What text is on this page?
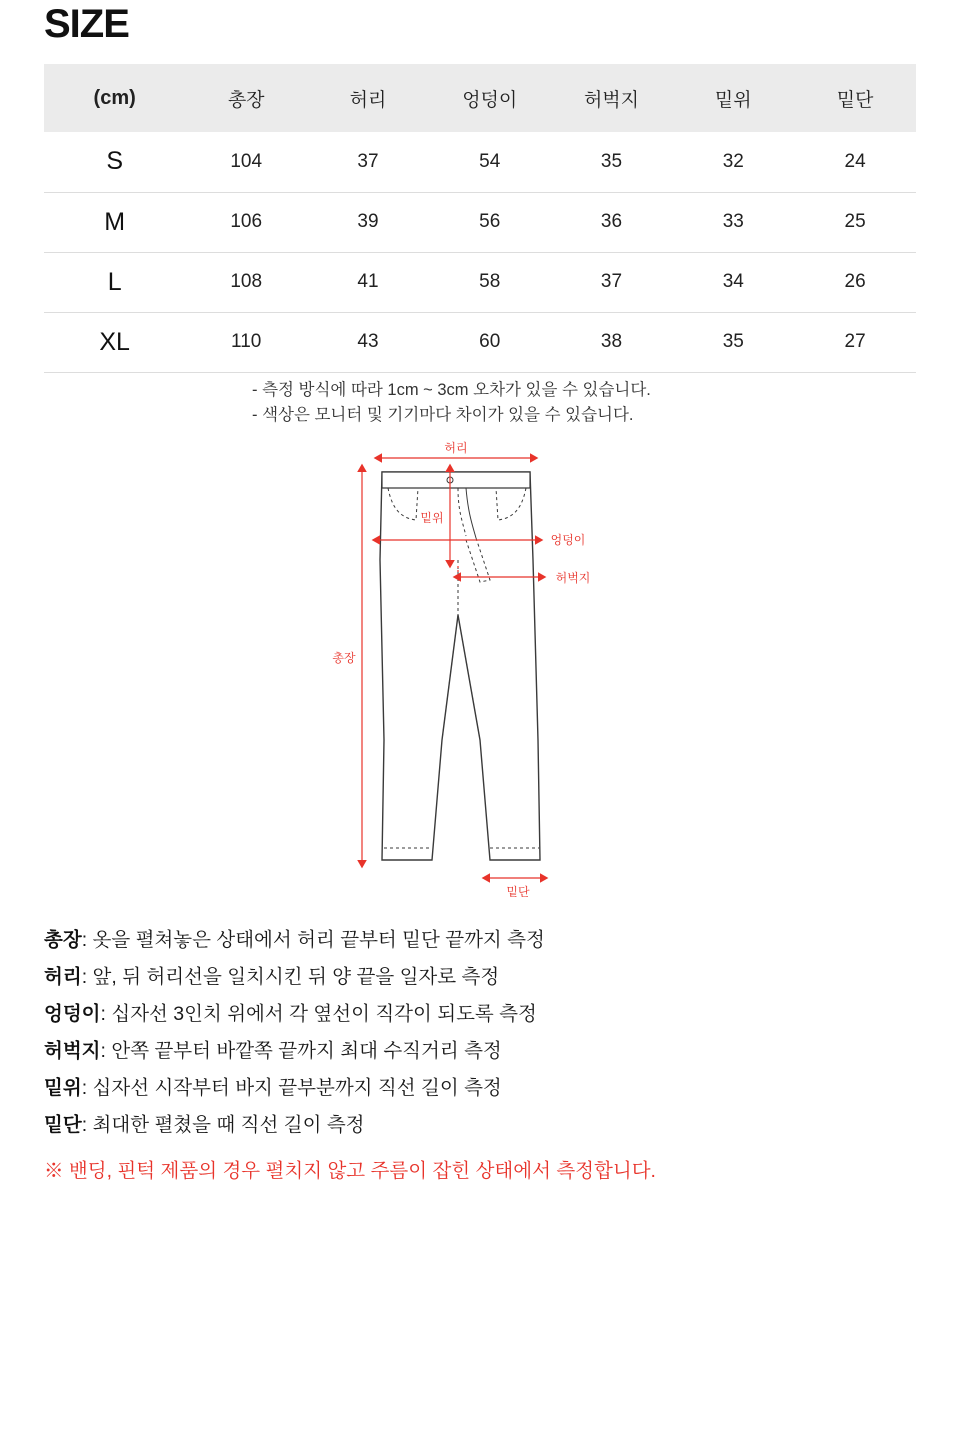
SIZE
(cm)	총장	허리	엉덩이	허벅지	밑위	밑단
S	104	37	54	35	32	24
M	106	39	56	36	33	25
L	108	41	58	37	34	26
XL	110	43	60	38	35	27
- 측정 방식에 따라 1cm ~ 3cm 오차가 있을 수 있습니다.
- 색상은 모니터 및 기기마다 차이가 있을 수 있습니다.
허리
밑위
엉덩이
허벅지
총장
밑단
총장: 옷을 펼쳐놓은 상태에서 허리 끝부터 밑단 끝까지 측정
허리: 앞, 뒤 허리선을 일치시킨 뒤 양 끝을 일자로 측정
엉덩이: 십자선 3인치 위에서 각 옆선이 직각이 되도록 측정
허벅지: 안쪽 끝부터 바깥쪽 끝까지 최대 수직거리 측정
밑위: 십자선 시작부터 바지 끝부분까지 직선 길이 측정
밑단: 최대한 펼쳤을 때 직선 길이 측정
※ 밴딩, 핀턱 제품의 경우 펼치지 않고 주름이 잡힌 상태에서 측정합니다.
